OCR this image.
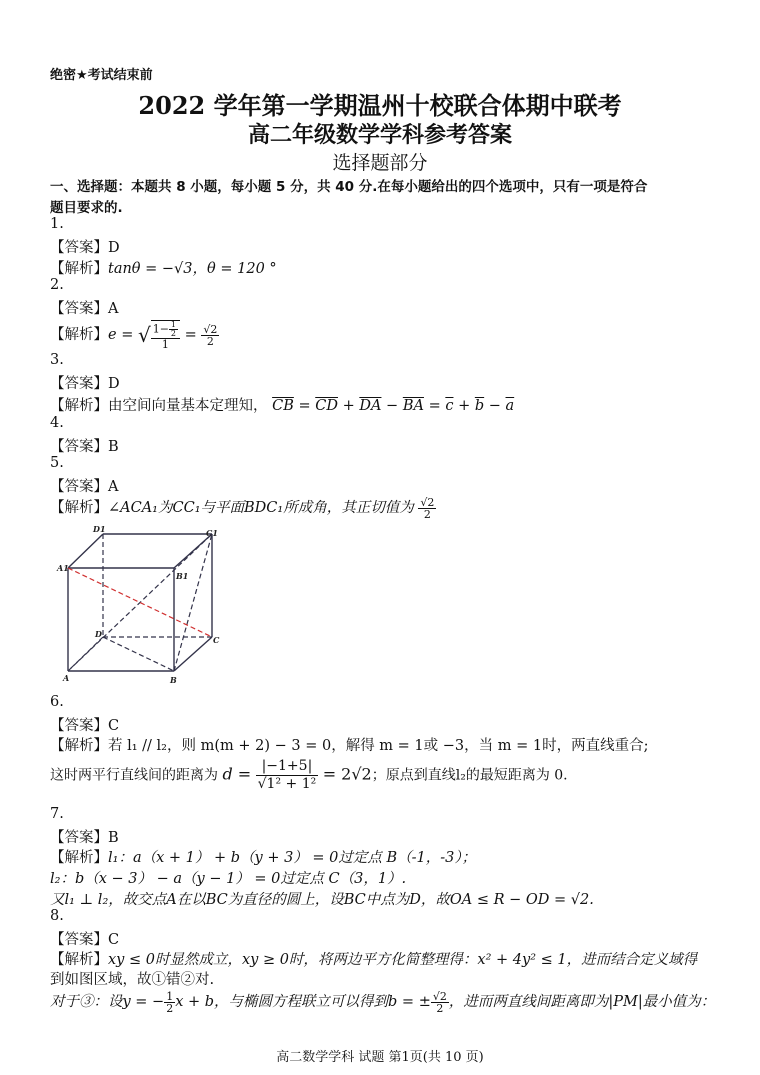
绝密★考试结束前
2022 学年第一学期温州十校联合体期中联考
高二年级数学学科参考答案
选择题部分
一、选择题：本题共 8 小题，每小题 5 分，共 40 分.在每小题给出的四个选项中，只有一项是符合
题目要求的.
1.
【答案】D
【解析】tanθ = −√3，θ = 120 °
2.
【答案】A
【解析】e = √ $\frac{1- \frac{1}{2}}{1} = \frac{√2}{2}$
3.
【答案】D
【解析】由空间向量基本定理知， $\overline{CB} = \overline{CD} + \overline{DA} - \overline{BA} = \overline{c} + \overline{b} - \overline{a}$
4.
【答案】B
5.
【答案】A
【解析】∠ACA₁为CC₁与平面BDC₁所成角，其正切值为 $\frac{√2}{2}$
D1	C1
A1
B1
D
C
A	B
6.
【答案】C
【解析】若 l₁ // l₂，则 m(m + 2) − 3 = 0，解得 m = 1或 −3，当 m = 1时，两直线重合;
这时两平行直线间的距离为 $d = \frac{|-1+5|}{\text{√1² + 1²}} = 2√2$；原点到直线l₂的最短距离为 0.
7.
【答案】B
【解析】l₁：a（x + 1） + b（y + 3） = 0过定点 B（-1，-3）；
l₂：b（x − 3） − a（y − 1） = 0过定点 C（3，1）.
又l₁ ⊥ l₂，故交点A在以BC为直径的圆上，设BC中点为D，故OA ≤ R − OD = √2.
8.
【答案】C
【解析】xy ≤ 0时显然成立，xy ≥ 0时，将两边平方化简整理得：x² + 4y² ≤ 1，进而结合定义域得
到如图区域，故①错②对.
对于③：设y = − $\frac{1}{2}$ x + b，与椭圆方程联立可以得到b = ± $\frac{√2}{2}$ ，进而两直线间距离即为|PM|最小值为：
高二数学学科 试题 第1页(共 10 页)
